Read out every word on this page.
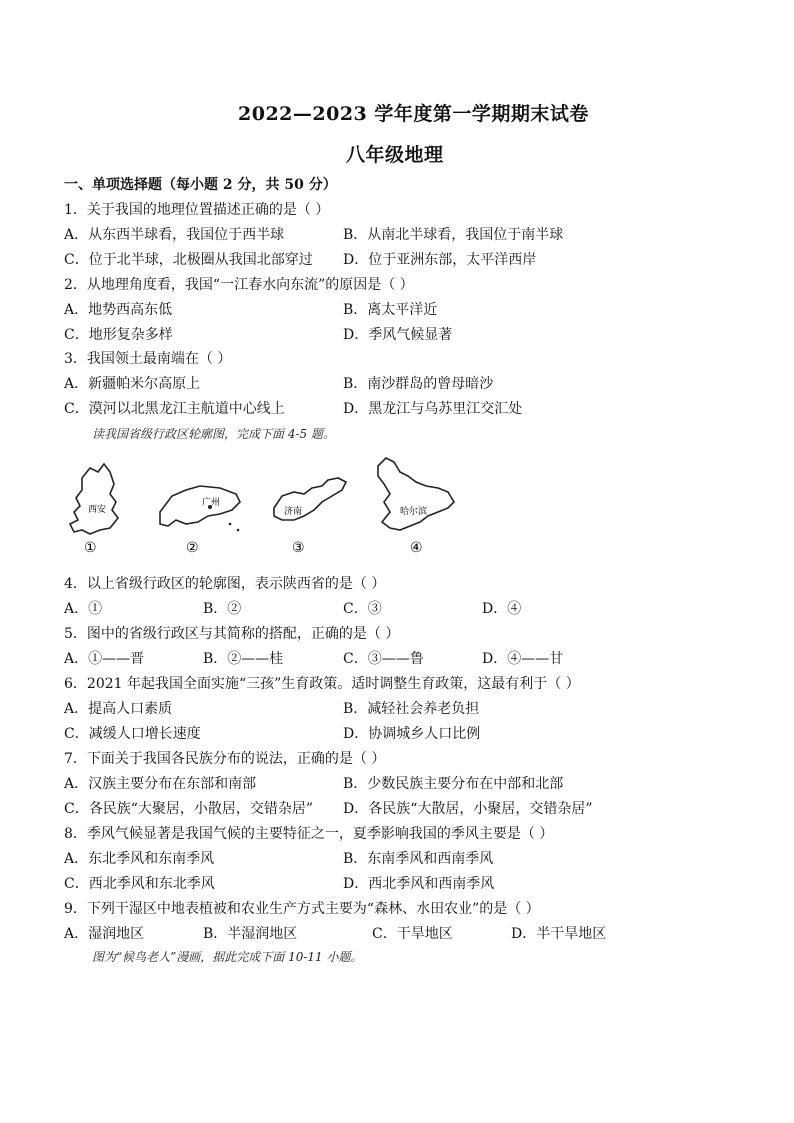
2022—2023 学年度第一学期期末试卷
八年级地理
一、单项选择题（每小题 2 分，共 50 分）
1．关于我国的地理位置描述正确的是（ ）
A．从东西半球看，我国位于西半球	B．从南北半球看，我国位于南半球
C．位于北半球，北极圈从我国北部穿过 D．位于亚洲东部，太平洋西岸
2．从地理角度看，我国“一江春水向东流”的原因是（ ）
A．地势西高东低	B．离太平洋近
C．地形复杂多样	D．季风气候显著
3．我国领土最南端在（ ）
A．新疆帕米尔高原上	B．南沙群岛的曾母暗沙
C．漠河以北黑龙江主航道中心线上	D．黑龙江与乌苏里江交汇处
读我国省级行政区轮廓图，完成下面 4-5 题。
西安
广州
济南	哈尔滨
①	②	③	④
4．以上省级行政区的轮廓图，表示陕西省的是（ ）
A．①	B．②	C．③	D．④
5．图中的省级行政区与其简称的搭配，正确的是（ ）
A．①——晋	B．②——桂	C．③——鲁	D．④——甘
6．2021 年起我国全面实施“三孩”生育政策。适时调整生育政策，这最有利于（ ）
A．提高人口素质	B．减轻社会养老负担
C．减缓人口增长速度	D．协调城乡人口比例
7．下面关于我国各民族分布的说法，正确的是（ ）
A．汉族主要分布在东部和南部	B．少数民族主要分布在中部和北部
C．各民族“大聚居，小散居，交错杂居” D．各民族“大散居，小聚居，交错杂居”
8．季风气候显著是我国气候的主要特征之一，夏季影响我国的季风主要是（ ）
A．东北季风和东南季风	B．东南季风和西南季风
C．西北季风和东北季风	D．西北季风和西南季风
9．下列干湿区中地表植被和农业生产方式主要为“森林、水田农业”的是（ ）
A．湿润地区	B．半湿润地区	C．干旱地区	D．半干旱地区
图为“候鸟老人”漫画，据此完成下面 10-11 小题。
